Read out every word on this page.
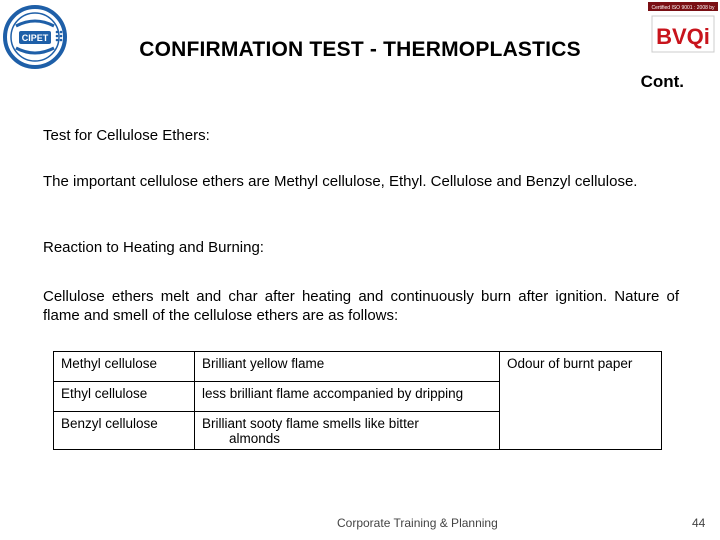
CIPET
Certified ISO 9001 : 2008 by
BVQi
CONFIRMATION TEST - THERMOPLASTICS
Cont.
Test for Cellulose Ethers:
The important cellulose ethers are Methyl cellulose, Ethyl. Cellulose and Benzyl cellulose.
Reaction to Heating and Burning:
Cellulose ethers melt and char after heating and continuously burn after ignition. Nature of flame and smell of the cellulose ethers are as follows:
Methyl cellulose	Brilliant yellow flame	Odour of burnt paper
Ethyl cellulose	less brilliant flame accompanied by dripping	
Benzyl cellulose	Brilliant sooty flame smells like bitter
almonds	

Corporate Training & Planning	44
